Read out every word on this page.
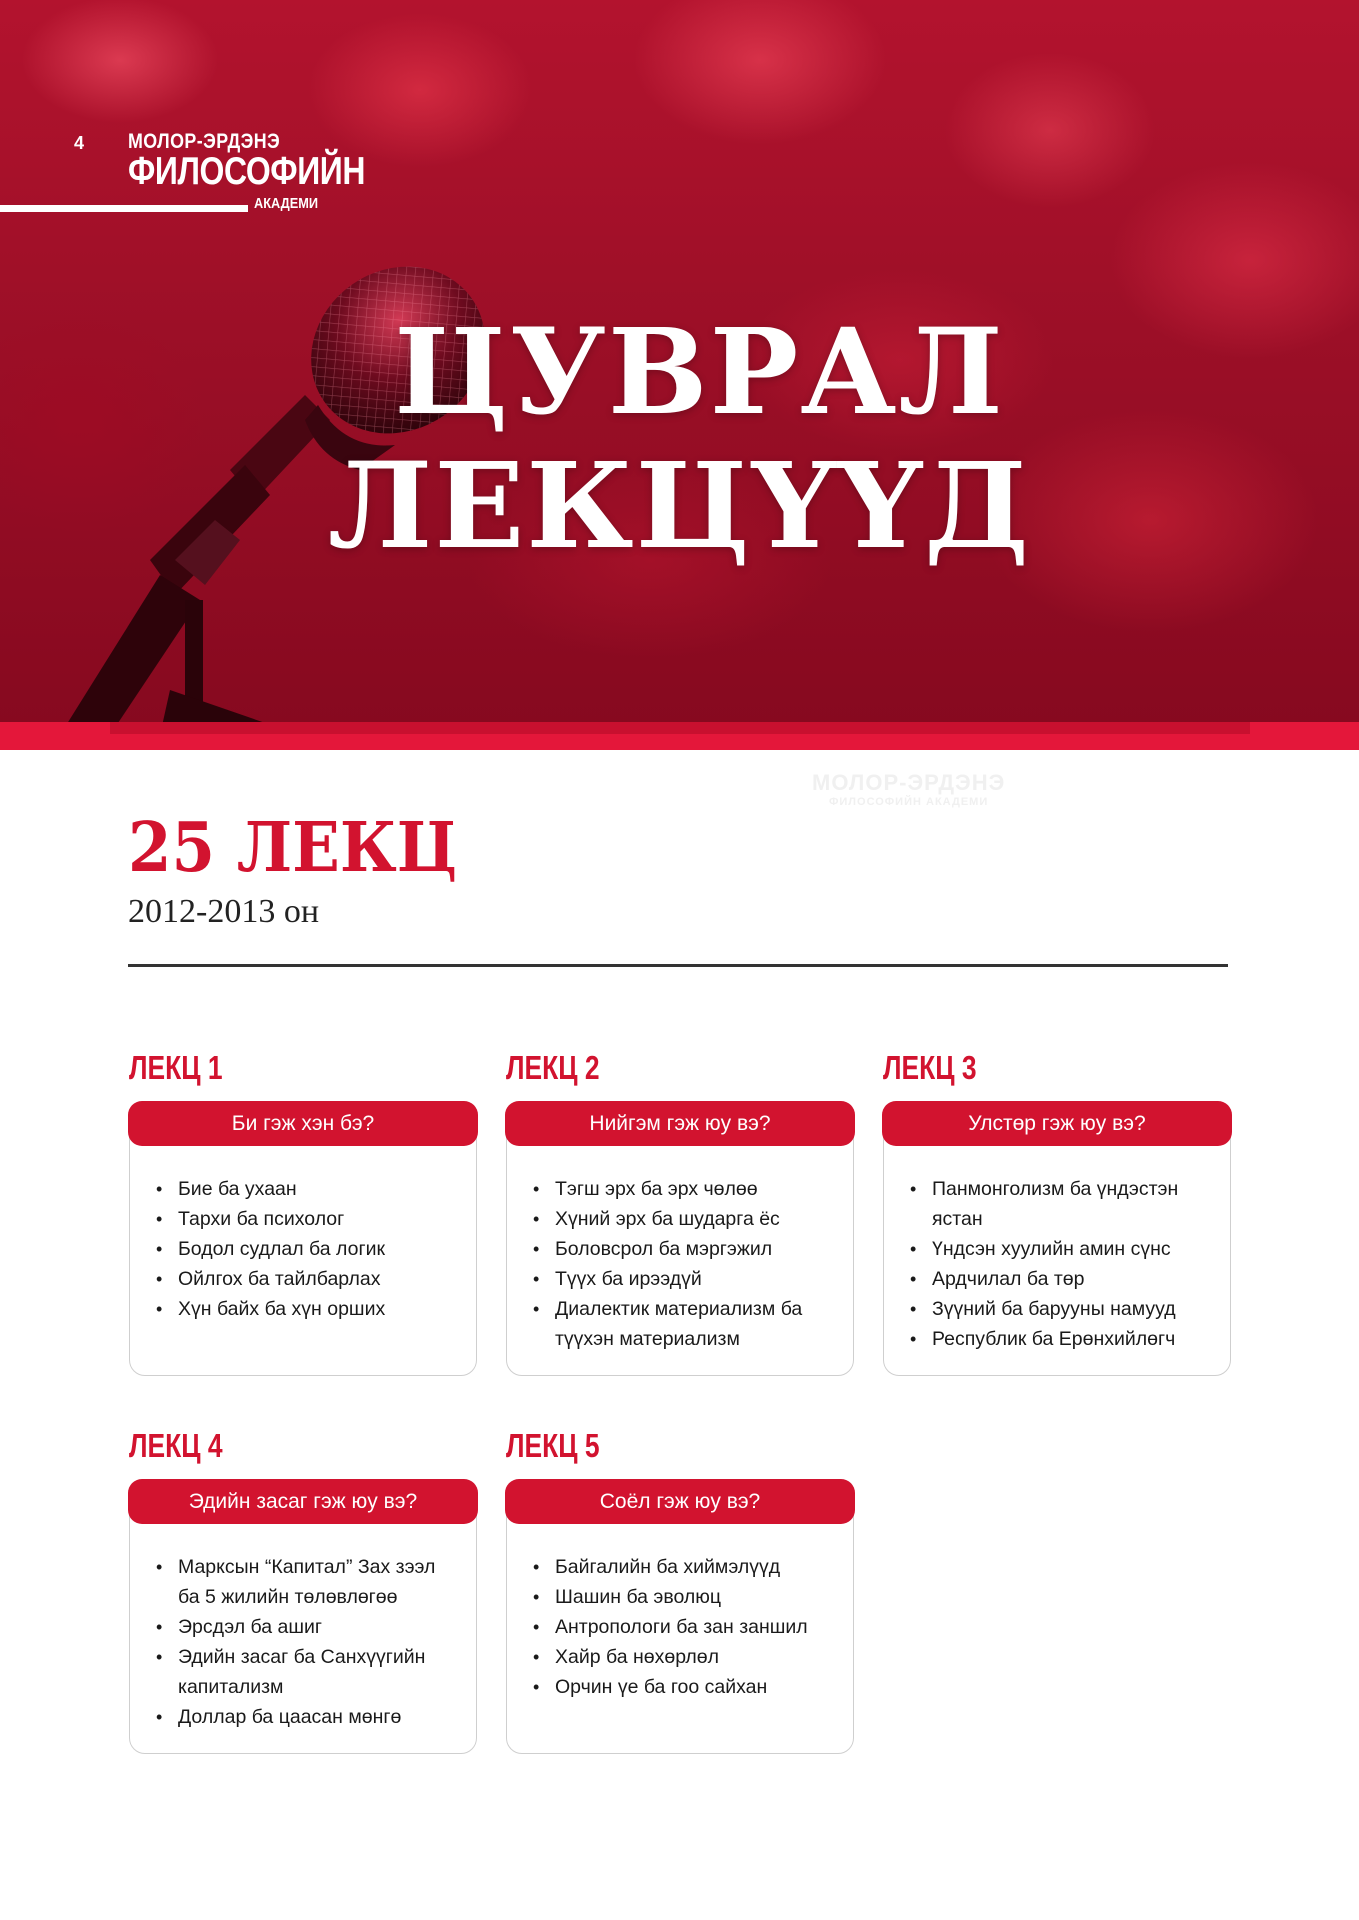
4 МОЛОР-ЭРДЭНЭ
ФИЛОСОФИЙН
АКАДЕМИ
ЦУВРАЛ
ЛЕКЦҮҮД
МОЛОР-ЭРДЭНЭ
ФИЛОСОФИЙН АКАДЕМИ
25 ЛЕКЦ
2012-2013 он
ЛЕКЦ 1
Би гэж хэн бэ?
• Бие ба ухаан
• Тархи ба психолог
• Бодол судлал ба логик
• Ойлгох ба тайлбарлах
• Хүн байх ба хүн орших
ЛЕКЦ 2
Нийгэм гэж юу вэ?
• Тэгш эрх ба эрх чөлөө
• Хүний эрх ба шударга ёс
• Боловсрол ба мэргэжил
• Түүх ба ирээдүй
• Диалектик материализм ба түүхэн материализм
ЛЕКЦ 3
Улстөр гэж юу вэ?
• Панмонголизм ба үндэстэн ястан
• Үндсэн хуулийн амин сүнс
• Ардчилал ба төр
• Зүүний ба барууны намууд
• Республик ба Ерөнхийлөгч
ЛЕКЦ 4
Эдийн засаг гэж юу вэ?
• Марксын “Капитал” Зах зээл ба 5 жилийн төлөвлөгөө
• Эрсдэл ба ашиг
• Эдийн засаг ба Санхүүгийн капитализм
• Доллар ба цаасан мөнгө
ЛЕКЦ 5
Соёл гэж юу вэ?
• Байгалийн ба хиймэлүүд
• Шашин ба эволюц
• Антропологи ба зан заншил
• Хайр ба нөхөрлөл
• Орчин үе ба гоо сайхан
